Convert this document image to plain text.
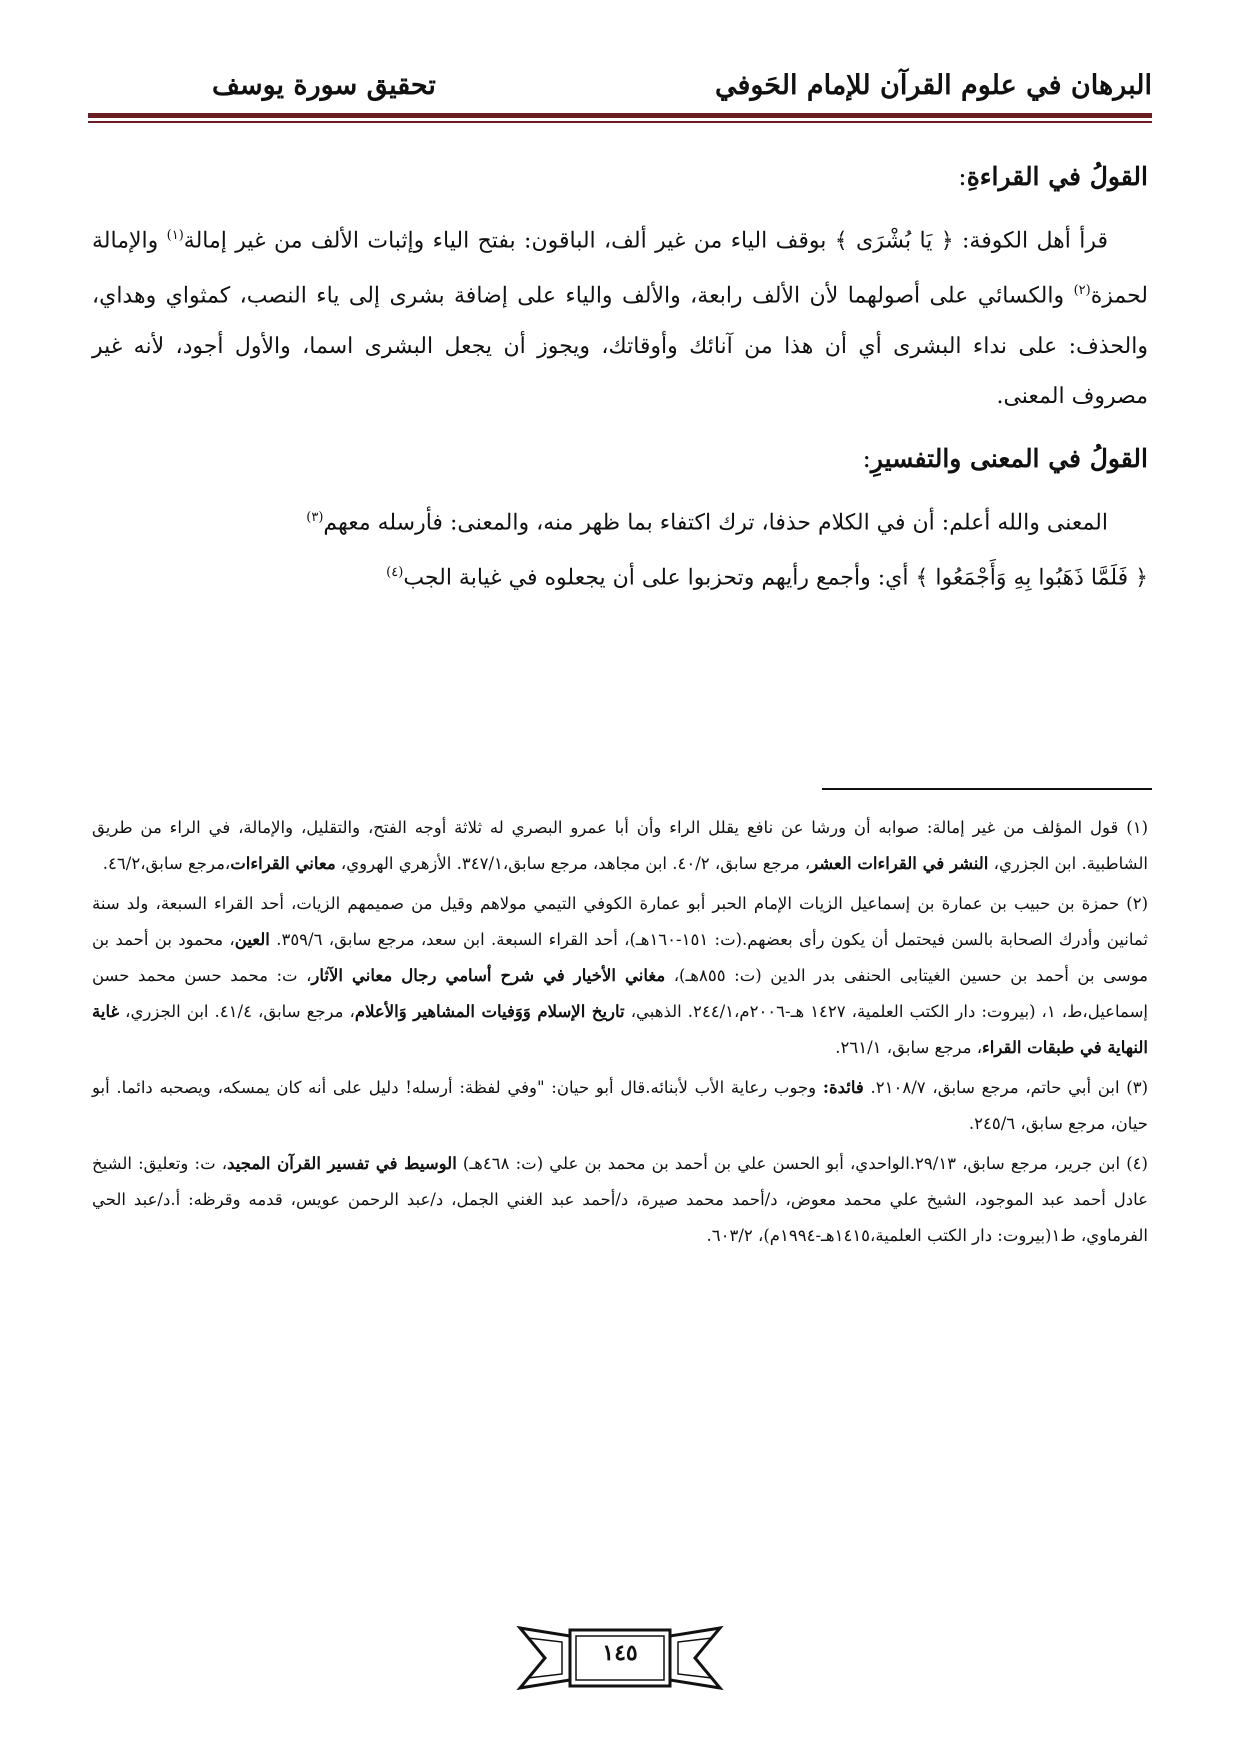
البرهان في علوم القرآن للإمام الحَوفي
تحقيق سورة يوسف
القولُ في القراءةِ:

قرأ أهل الكوفة: ﴿ يَا بُشْرَى ﴾ بوقف الياء من غير ألف، الباقون: بفتح الياء وإثبات الألف من غير إمالة$^{(١)}$ والإمالة لحمزة$^{(٢)}$ والكسائي على أصولهما لأن الألف رابعة، والألف والياء على إضافة بشرى إلى ياء النصب، كمثواي وهداي، والحذف: على نداء البشرى أي أن هذا من آنائك وأوقاتك، ويجوز أن يجعل البشرى اسما، والأول أجود، لأنه غير مصروف المعنى.

القولُ في المعنى والتفسيرِ:

المعنى والله أعلم: أن في الكلام حذفا، ترك اكتفاء بما ظهر منه، والمعنى: فأرسله معهم$^{(٣)}$
﴿ فَلَمَّا ذَهَبُوا بِهِ وَأَجْمَعُوا ﴾ أي: وأجمع رأيهم وتحزبوا على أن يجعلوه في غيابة الجب$^{(٤)}$

(١) قول المؤلف من غير إمالة: صوابه أن ورشا عن نافع يقلل الراء وأن أبا عمرو البصري له ثلاثة أوجه الفتح، والتقليل، والإمالة، في الراء من طريق الشاطبية. ابن الجزري، النشر في القراءات العشر، مرجع سابق، ٤٠/٢. ابن مجاهد، مرجع سابق،٣٤٧/١. الأزهري الهروي، معاني القراءات،مرجع سابق،٤٦/٢.

(٢) حمزة بن حبيب بن عمارة بن إسماعيل الزيات الإمام الحبر أبو عمارة الكوفي التيمي مولاهم وقيل من صميمهم الزيات، أحد القراء السبعة، ولد سنة ثمانين وأدرك الصحابة بالسن فيحتمل أن يكون رأى بعضهم.(ت: ١٥١-١٦٠هـ)، أحد القراء السبعة. ابن سعد، مرجع سابق، ٣٥٩/٦. العين، محمود بن أحمد بن موسى بن أحمد بن حسين الغيتابى الحنفى بدر الدين (ت: ٨٥٥هـ)، مغاني الأخيار في شرح أسامي رجال معاني الآثار، ت: محمد حسن محمد حسن إسماعيل،ط، ١، (بيروت: دار الكتب العلمية، ١٤٢٧ هـ-٢٠٠٦م،٢٤٤/١. الذهبي، تاريخ الإسلام وَوَفيات المشاهير وَالأعلام، مرجع سابق، ٤١/٤. ابن الجزري، غاية النهاية في طبقات القراء، مرجع سابق، ٢٦١/١.

(٣) ابن أبي حاتم، مرجع سابق، ٢١٠٨/٧. فائدة: وجوب رعاية الأب لأبنائه.قال أبو حيان: "وفي لفظة: أرسله! دليل على أنه كان يمسكه، ويصحبه دائما. أبو حيان، مرجع سابق، ٢٤٥/٦.

(٤) ابن جرير، مرجع سابق، ٢٩/١٣.الواحدي، أبو الحسن علي بن أحمد بن محمد بن علي (ت: ٤٦٨هـ) الوسيط في تفسير القرآن المجيد، ت: وتعليق: الشيخ عادل أحمد عبد الموجود، الشيخ علي محمد معوض، د/أحمد محمد صيرة، د/أحمد عبد الغني الجمل، د/عبد الرحمن عويس، قدمه وقرظه: أ.د/عبد الحي الفرماوي، ط١(بيروت: دار الكتب العلمية،١٤١٥هـ-١٩٩٤م)، ٦٠٣/٢.

١٤٥
